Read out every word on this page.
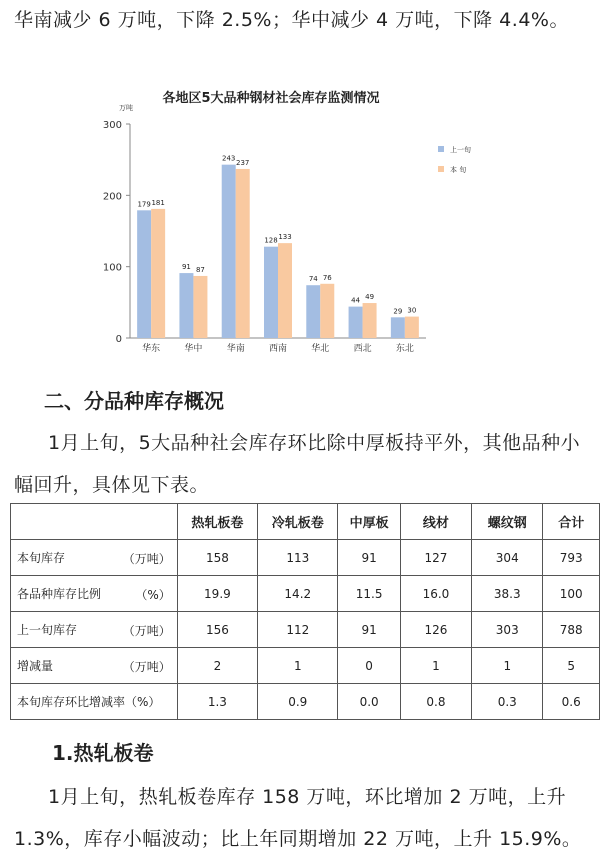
华南减少 6 万吨，下降 2.5%；华中减少 4 万吨，下降 4.4%。
各地区5大品种钢材社会库存监测情况
万吨
0
100
200
300
179 181
华东
91 87
华中
243
237
华南
128 133
西南
74 76
华北
44 49
西北
29 30
东北
上一旬
本 旬
二、分品种库存概况
1月上旬，5大品种社会库存环比除中厚板持平外，其他品种小幅回升，具体见下表。
	热轧板卷	冷轧板卷	中厚板	线材	螺纹钢	合计
本旬库存 （万吨）	158	113	91	127	304	793
各品种库存比例 （%）	19.9	14.2	11.5	16.0	38.3	100
上一旬库存 （万吨）	156	112	91	126	303	788
增减量 （万吨）	2	1	0	1	1	5
本旬库存环比增减率（%）	1.3	0.9	0.0	0.8	0.3	0.6
1.热轧板卷
1月上旬，热轧板卷库存 158 万吨，环比增加 2 万吨，上升 1.3%，库存小幅波动；比上年同期增加 22 万吨，上升 15.9%。
